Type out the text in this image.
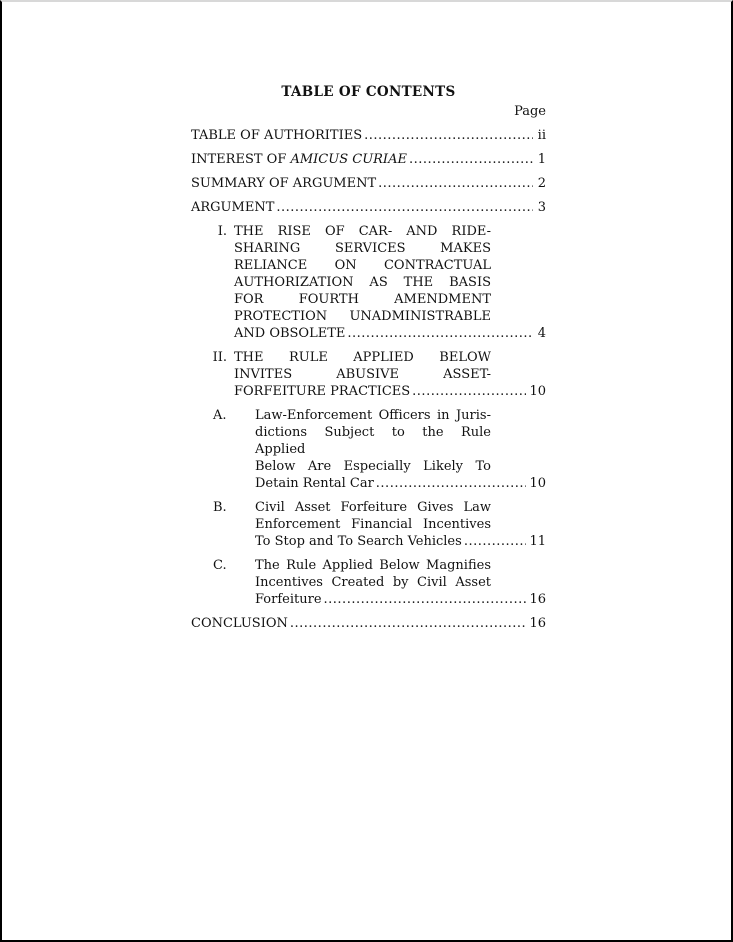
TABLE OF CONTENTS
Page
TABLE OF AUTHORITIES .....	ii
INTEREST OF AMICUS CURIAE .....	1
SUMMARY OF ARGUMENT .....	2
ARGUMENT .....	3
I. THE RISE OF CAR- AND RIDE-
SHARING SERVICES MAKES
RELIANCE ON CONTRACTUAL
AUTHORIZATION AS THE BASIS
FOR FOURTH AMENDMENT
PROTECTION UNADMINISTRABLE
AND OBSOLETE .....	4
II. THE RULE APPLIED BELOW
INVITES ABUSIVE ASSET-
FORFEITURE PRACTICES .....	10
A.	Law-Enforcement Officers in Juris-
dictions Subject to the Rule Applied
Below Are Especially Likely To
Detain Rental Car .....	10
B.	Civil Asset Forfeiture Gives Law
Enforcement Financial Incentives
To Stop and To Search Vehicles .....	11
C.	The Rule Applied Below Magnifies
Incentives Created by Civil Asset
Forfeiture .....	16
CONCLUSION .....	16
